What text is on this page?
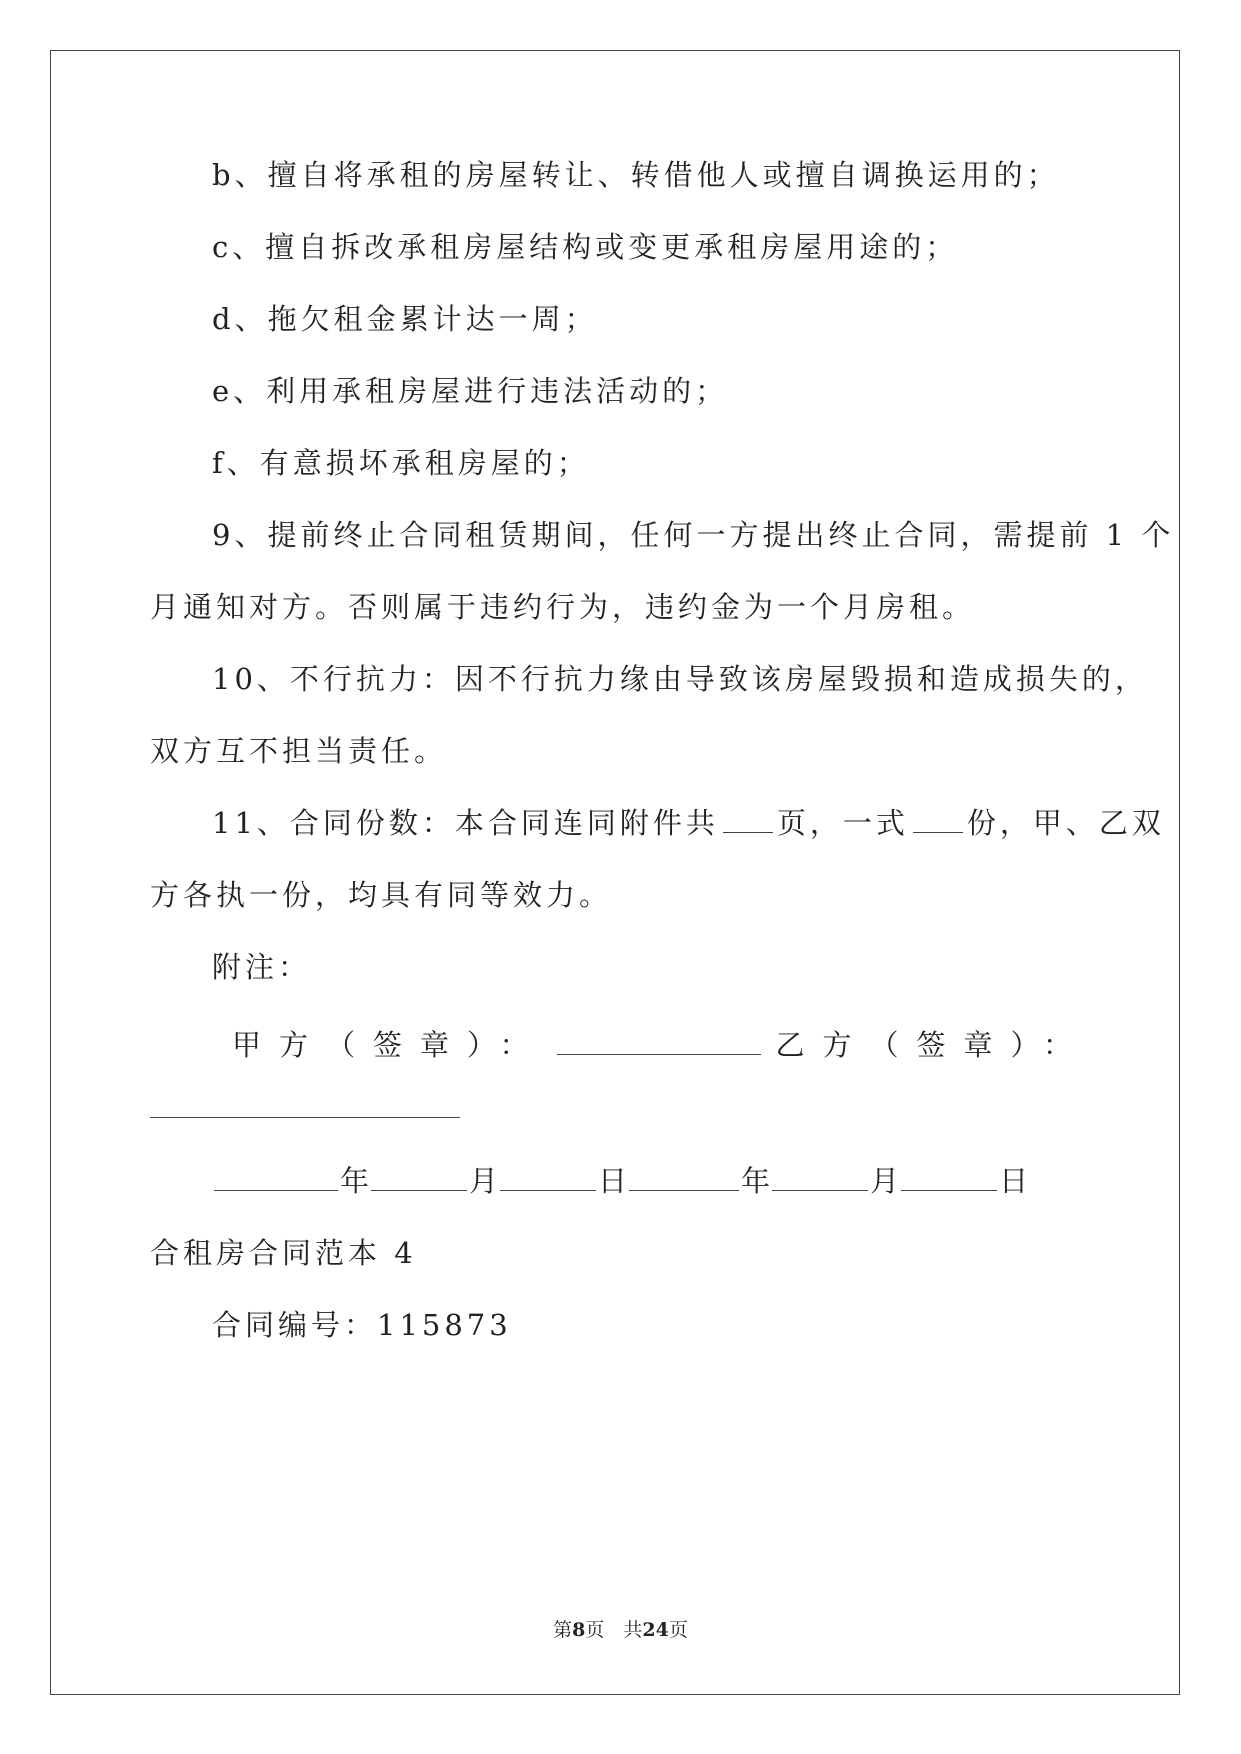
b、擅自将承租的房屋转让、转借他人或擅自调换运用的；
c、擅自拆改承租房屋结构或变更承租房屋用途的；
d、拖欠租金累计达一周；
e、利用承租房屋进行违法活动的；
f、有意损坏承租房屋的；
9、提前终止合同租赁期间，任何一方提出终止合同，需提前 1 个
月通知对方。否则属于违约行为，违约金为一个月房租。
10、不行抗力：因不行抗力缘由导致该房屋毁损和造成损失的，
双方互不担当责任。
11、合同份数：本合同连同附件共 页，一式 份，甲、乙双
方各执一份，均具有同等效力。
附注：
甲方（签章）：	乙方（签章）：
年	月	日	年	月	日
合租房合同范本 4
合同编号：115873
第8页　共24页
